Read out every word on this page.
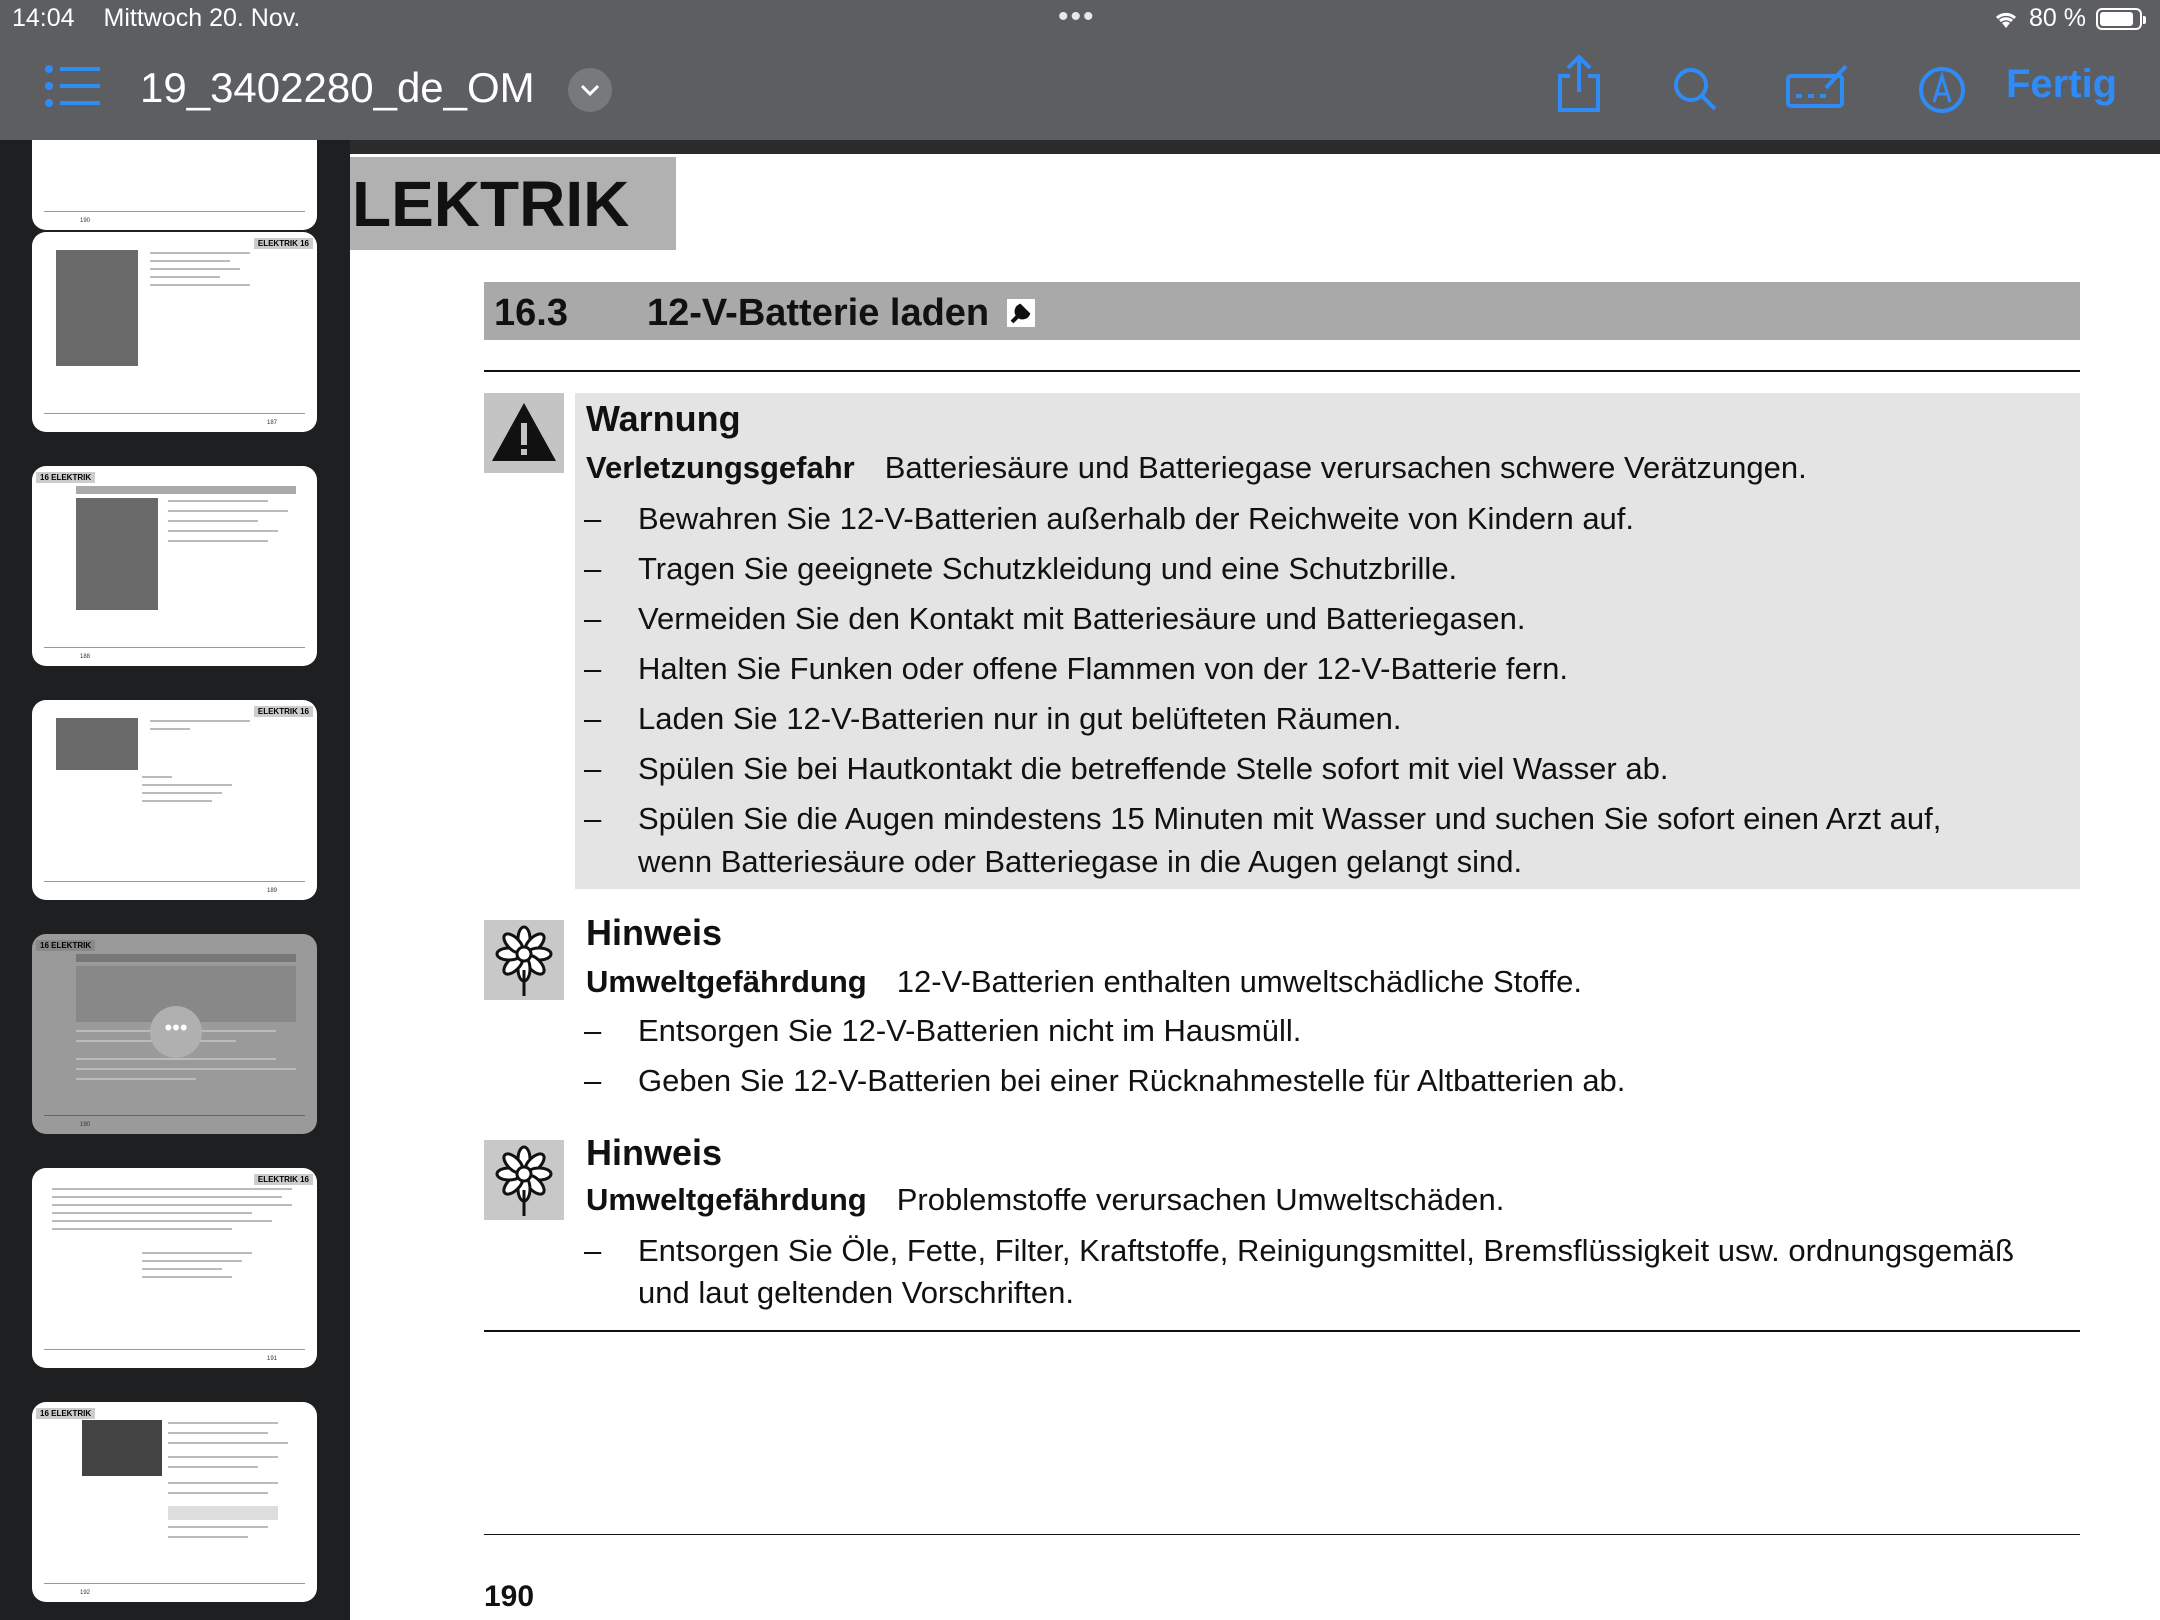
14:04 Mittwoch 20. Nov.	•••	80 %
19_3402280_de_OM	Fertig
190
ELEKTRIK 16
187
16 ELEKTRIK
188
ELEKTRIK 16
189
16 ELEKTRIK
•••
190
ELEKTRIK 16
191
16 ELEKTRIK
192
LEKTRIK
16.3 12-V-Batterie laden
Warnung
Verletzungsgefahr Batteriesäure und Batteriegase verursachen schwere Verätzungen.
– Bewahren Sie 12-V-Batterien außerhalb der Reichweite von Kindern auf.
– Tragen Sie geeignete Schutzkleidung und eine Schutzbrille.
– Vermeiden Sie den Kontakt mit Batteriesäure und Batteriegasen.
– Halten Sie Funken oder offene Flammen von der 12-V-Batterie fern.
– Laden Sie 12-V-Batterien nur in gut belüfteten Räumen.
– Spülen Sie bei Hautkontakt die betreffende Stelle sofort mit viel Wasser ab.
– Spülen Sie die Augen mindestens 15 Minuten mit Wasser und suchen Sie sofort einen Arzt auf,
wenn Batteriesäure oder Batteriegase in die Augen gelangt sind.
Hinweis
Umweltgefährdung 12-V-Batterien enthalten umweltschädliche Stoffe.
– Entsorgen Sie 12-V-Batterien nicht im Hausmüll.
– Geben Sie 12-V-Batterien bei einer Rücknahmestelle für Altbatterien ab.
Hinweis
Umweltgefährdung Problemstoffe verursachen Umweltschäden.
– Entsorgen Sie Öle, Fette, Filter, Kraftstoffe, Reinigungsmittel, Bremsflüssigkeit usw. ordnungsgemäß
und laut geltenden Vorschriften.
190
